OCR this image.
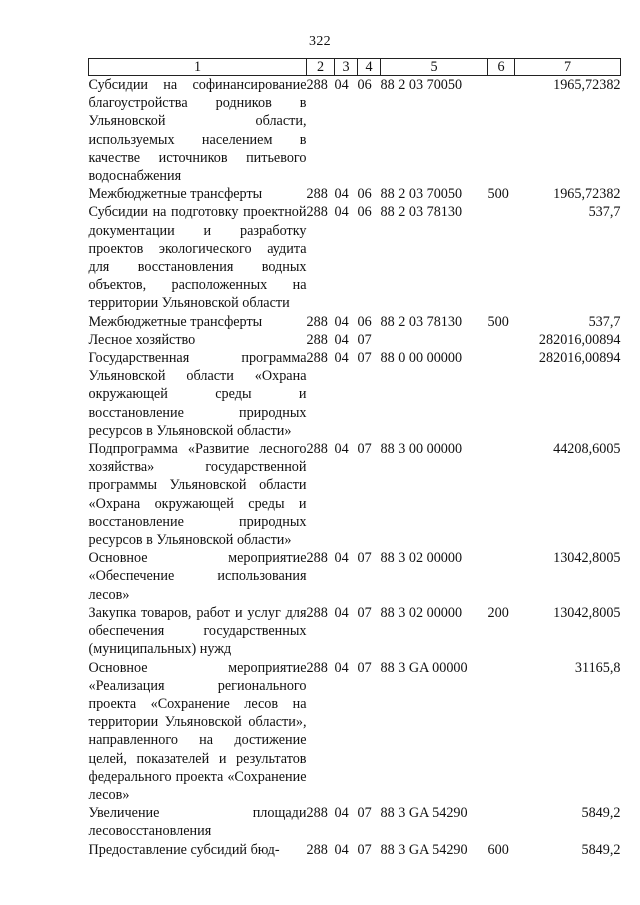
322
1	2	3	4	5	6	7
Субсидии на софинансирование благоустройства родников в Ульяновской области, используемых населением в качестве источников питьевого водоснабжения	288	04	06	88 2 03 70050		1965,72382
Межбюджетные трансферты	288	04	06	88 2 03 70050	500	1965,72382
Субсидии на подготовку проектной документации и разработку проектов экологического аудита для восстановления водных объектов, расположенных на территории Ульяновской области	288	04	06	88 2 03 78130		537,7
Межбюджетные трансферты	288	04	06	88 2 03 78130	500	537,7
Лесное хозяйство	288	04	07			282016,00894
Государственная программа Ульяновской области «Охрана окружающей среды и восстановление природных ресурсов в Ульяновской области»	288	04	07	88 0 00 00000		282016,00894
Подпрограмма «Развитие лесного хозяйства» государственной программы Ульяновской области «Охрана окружающей среды и восстановление природных ресурсов в Ульяновской области»	288	04	07	88 3 00 00000		44208,6005
Основное мероприятие «Обеспечение использования лесов»	288	04	07	88 3 02 00000		13042,8005
Закупка товаров, работ и услуг для обеспечения государственных (муниципальных) нужд	288	04	07	88 3 02 00000	200	13042,8005
Основное мероприятие «Реализация регионального проекта «Сохранение лесов на территории Ульяновской области», направленного на достижение целей, показателей и результатов федерального проекта «Сохранение лесов»	288	04	07	88 3 GA 00000		31165,8
Увеличение площади лесовосстановления	288	04	07	88 3 GA 54290		5849,2
Предоставление субсидий бюд-	288	04	07	88 3 GA 54290	600	5849,2
